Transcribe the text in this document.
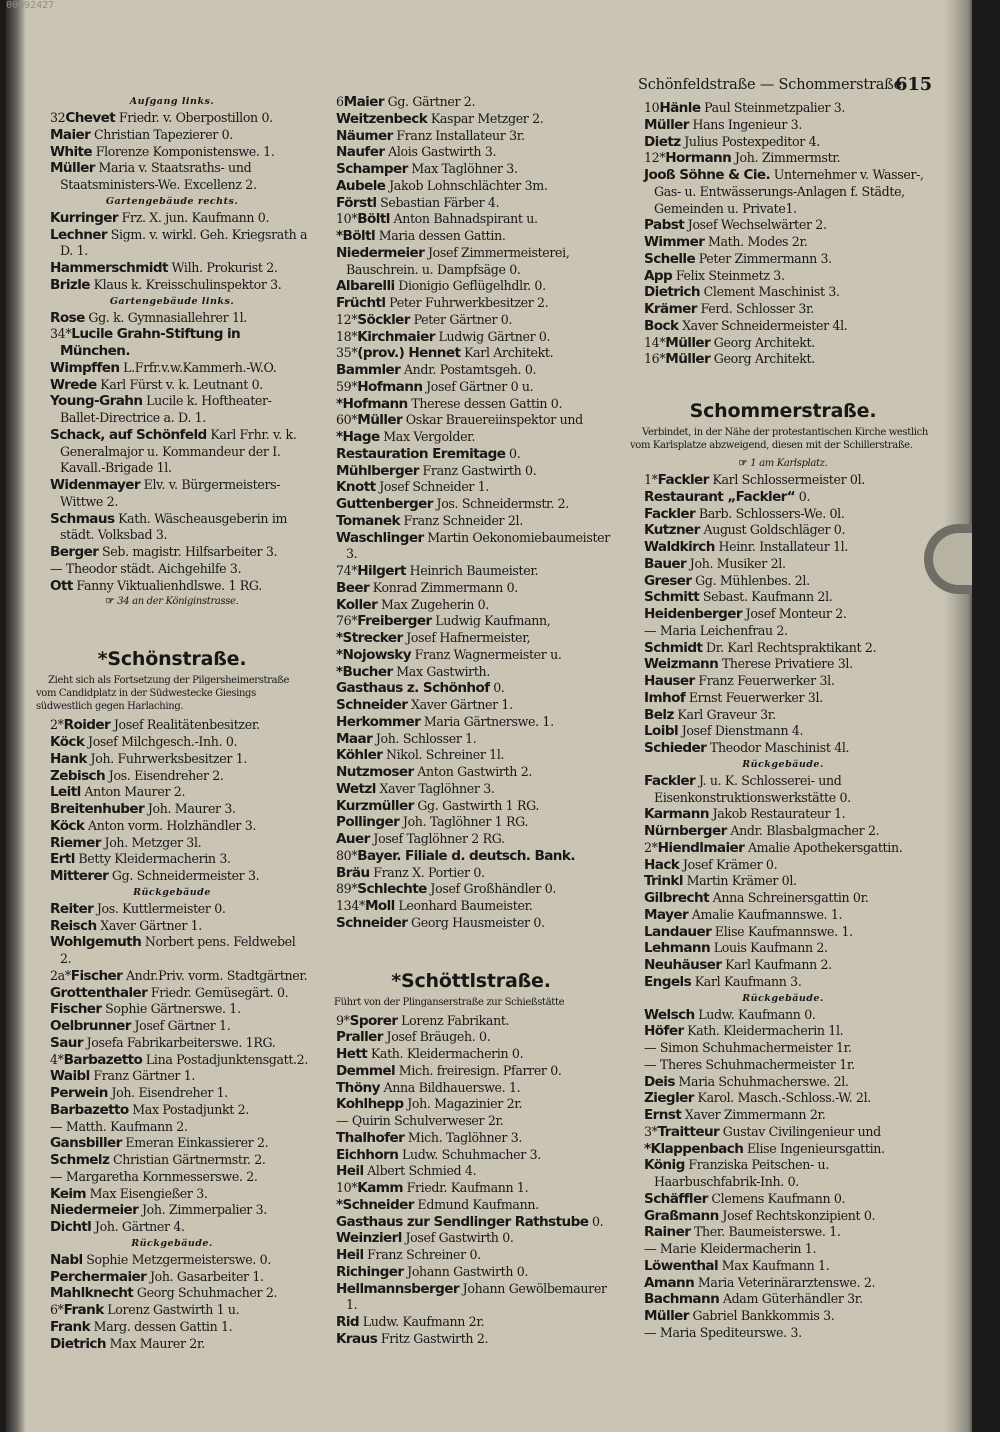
00092427
Schönfeldstraße — Schommerstraße.
615
Aufgang links.
32Chevet Friedr. v. Oberpostillon 0.
Maier Christian Tapezierer 0.
White Florenze Komponistenswe. 1.
Müller Maria v. Staatsraths- und Staatsministers-We. Excellenz 2.
Gartengebäude rechts.
Kurringer Frz. X. jun. Kaufmann 0.
Lechner Sigm. v. wirkl. Geh. Kriegsrath a D. 1.
Hammerschmidt Wilh. Prokurist 2.
Brizle Klaus k. Kreisschulinspektor 3.
Gartengebäude links.
Rose Gg. k. Gymnasiallehrer 1l.
34*Lucile Grahn-Stiftung in München.
Wimpffen L.Frfr.v.w.Kammerh.-W.O.
Wrede Karl Fürst v. k. Leutnant 0.
Young-Grahn Lucile k. Hoftheater-Ballet-Directrice a. D. 1.
Schack, auf Schönfeld Karl Frhr. v. k. Generalmajor u. Kommandeur der I. Kavall.-Brigade 1l.
Widenmayer Elv. v. Bürgermeisters-Wittwe 2.
Schmaus Kath. Wäscheausgeberin im städt. Volksbad 3.
Berger Seb. magistr. Hilfsarbeiter 3.
— Theodor städt. Aichgehilfe 3.
Ott Fanny Viktualienhdlswe. 1 RG.
☞ 34 an der Königinstrasse.
*Schönstraße.
Zieht sich als Fortsetzung der Pilgersheimerstraße vom Candidplatz in der Südwestecke Giesings südwestlich gegen Harlaching.
2*Roider Josef Realitätenbesitzer.
Köck Josef Milchgesch.-Inh. 0.
Hank Joh. Fuhrwerksbesitzer 1.
Zebisch Jos. Eisendreher 2.
Leitl Anton Maurer 2.
Breitenhuber Joh. Maurer 3.
Köck Anton vorm. Holzhändler 3.
Riemer Joh. Metzger 3l.
Ertl Betty Kleidermacherin 3.
Mitterer Gg. Schneidermeister 3.
Rückgebäude
Reiter Jos. Kuttlermeister 0.
Reisch Xaver Gärtner 1.
Wohlgemuth Norbert pens. Feldwebel 2.
2a*Fischer Andr.Priv. vorm. Stadtgärtner.
Grottenthaler Friedr. Gemüsegärt. 0.
Fischer Sophie Gärtnerswe. 1.
Oelbrunner Josef Gärtner 1.
Saur Josefa Fabrikarbeiterswe. 1RG.
4*Barbazetto Lina Postadjunktensgatt.2.
Waibl Franz Gärtner 1.
Perwein Joh. Eisendreher 1.
Barbazetto Max Postadjunkt 2.
— Matth. Kaufmann 2.
Gansbiller Emeran Einkassierer 2.
Schmelz Christian Gärtnermstr. 2.
— Margaretha Kornmesserswe. 2.
Keim Max Eisengießer 3.
Niedermeier Joh. Zimmerpalier 3.
Dichtl Joh. Gärtner 4.
Rückgebäude.
Nabl Sophie Metzgermeisterswe. 0.
Perchermaier Joh. Gasarbeiter 1.
Mahlknecht Georg Schuhmacher 2.
6*Frank Lorenz Gastwirth 1 u.
Frank Marg. dessen Gattin 1.
Dietrich Max Maurer 2r.
6Maier Gg. Gärtner 2.
Weitzenbeck Kaspar Metzger 2.
Näumer Franz Installateur 3r.
Naufer Alois Gastwirth 3.
Schamper Max Taglöhner 3.
Aubele Jakob Lohnschlächter 3m.
Förstl Sebastian Färber 4.
10*Böltl Anton Bahnadspirant u.
*Böltl Maria dessen Gattin.
Niedermeier Josef Zimmermeisterei, Bauschrein. u. Dampfsäge 0.
Albarelli Dionigio Geflügelhdlr. 0.
Früchtl Peter Fuhrwerkbesitzer 2.
12*Söckler Peter Gärtner 0.
18*Kirchmaier Ludwig Gärtner 0.
35*(prov.) Hennet Karl Architekt.
Bammler Andr. Postamtsgeh. 0.
59*Hofmann Josef Gärtner 0 u.
*Hofmann Therese dessen Gattin 0.
60*Müller Oskar Brauereiinspektor und
*Hage Max Vergolder.
Restauration Eremitage 0.
Mühlberger Franz Gastwirth 0.
Knott Josef Schneider 1.
Guttenberger Jos. Schneidermstr. 2.
Tomanek Franz Schneider 2l.
Waschlinger Martin Oekonomiebaumeister 3.
74*Hilgert Heinrich Baumeister.
Beer Konrad Zimmermann 0.
Koller Max Zugeherin 0.
76*Freiberger Ludwig Kaufmann,
*Strecker Josef Hafnermeister,
*Nojowsky Franz Wagnermeister u.
*Bucher Max Gastwirth.
Gasthaus z. Schönhof 0.
Schneider Xaver Gärtner 1.
Herkommer Maria Gärtnerswe. 1.
Maar Joh. Schlosser 1.
Köhler Nikol. Schreiner 1l.
Nutzmoser Anton Gastwirth 2.
Wetzl Xaver Taglöhner 3.
Kurzmüller Gg. Gastwirth 1 RG.
Pollinger Joh. Taglöhner 1 RG.
Auer Josef Taglöhner 2 RG.
80*Bayer. Filiale d. deutsch. Bank.
Bräu Franz X. Portier 0.
89*Schlechte Josef Großhändler 0.
134*Moll Leonhard Baumeister.
Schneider Georg Hausmeister 0.
*Schöttlstraße.
Führt von der Plinganserstraße zur Schießstätte
9*Sporer Lorenz Fabrikant.
Praller Josef Bräugeh. 0.
Hett Kath. Kleidermacherin 0.
Demmel Mich. freiresign. Pfarrer 0.
Thöny Anna Bildhauerswe. 1.
Kohlhepp Joh. Magazinier 2r.
— Quirin Schulverweser 2r.
Thalhofer Mich. Taglöhner 3.
Eichhorn Ludw. Schuhmacher 3.
Heil Albert Schmied 4.
10*Kamm Friedr. Kaufmann 1.
*Schneider Edmund Kaufmann.
Gasthaus zur Sendlinger Rathstube 0.
Weinzierl Josef Gastwirth 0.
Heil Franz Schreiner 0.
Richinger Johann Gastwirth 0.
Hellmannsberger Johann Gewölbemaurer 1.
Rid Ludw. Kaufmann 2r.
Kraus Fritz Gastwirth 2.
10Hänle Paul Steinmetzpalier 3.
Müller Hans Ingenieur 3.
Dietz Julius Postexpeditor 4.
12*Hormann Joh. Zimmermstr.
Jooß Söhne & Cie. Unternehmer v. Wasser-, Gas- u. Entwässerungs-Anlagen f. Städte, Gemeinden u. Private1.
Pabst Josef Wechselwärter 2.
Wimmer Math. Modes 2r.
Schelle Peter Zimmermann 3.
App Felix Steinmetz 3.
Dietrich Clement Maschinist 3.
Krämer Ferd. Schlosser 3r.
Bock Xaver Schneidermeister 4l.
14*Müller Georg Architekt.
16*Müller Georg Architekt.
Schommerstraße.
Verbindet, in der Nähe der protestantischen Kirche westlich vom Karlsplatze abzweigend, diesen mit der Schillerstraße.
☞ 1 am Karlsplatz.
1*Fackler Karl Schlossermeister 0l.
Restaurant „Fackler“ 0.
Fackler Barb. Schlossers-We. 0l.
Kutzner August Goldschläger 0.
Waldkirch Heinr. Installateur 1l.
Bauer Joh. Musiker 2l.
Greser Gg. Mühlenbes. 2l.
Schmitt Sebast. Kaufmann 2l.
Heidenberger Josef Monteur 2.
— Maria Leichenfrau 2.
Schmidt Dr. Karl Rechtspraktikant 2.
Weizmann Therese Privatiere 3l.
Hauser Franz Feuerwerker 3l.
Imhof Ernst Feuerwerker 3l.
Belz Karl Graveur 3r.
Loibl Josef Dienstmann 4.
Schieder Theodor Maschinist 4l.
Rückgebäude.
Fackler J. u. K. Schlosserei- und Eisenkonstruktionswerkstätte 0.
Karmann Jakob Restaurateur 1.
Nürnberger Andr. Blasbalgmacher 2.
2*Hiendlmaier Amalie Apothekersgattin.
Hack Josef Krämer 0.
Trinkl Martin Krämer 0l.
Gilbrecht Anna Schreinersgattin 0r.
Mayer Amalie Kaufmannswe. 1.
Landauer Elise Kaufmannswe. 1.
Lehmann Louis Kaufmann 2.
Neuhäuser Karl Kaufmann 2.
Engels Karl Kaufmann 3.
Rückgebäude.
Welsch Ludw. Kaufmann 0.
Höfer Kath. Kleidermacherin 1l.
— Simon Schuhmachermeister 1r.
— Theres Schuhmachermeister 1r.
Deis Maria Schuhmacherswe. 2l.
Ziegler Karol. Masch.-Schloss.-W. 2l.
Ernst Xaver Zimmermann 2r.
3*Traitteur Gustav Civilingenieur und
*Klappenbach Elise Ingenieursgattin.
König Franziska Peitschen- u. Haarbuschfabrik-Inh. 0.
Schäffler Clemens Kaufmann 0.
Graßmann Josef Rechtskonzipient 0.
Rainer Ther. Baumeisterswe. 1.
— Marie Kleidermacherin 1.
Löwenthal Max Kaufmann 1.
Amann Maria Veterinärarztenswe. 2.
Bachmann Adam Güterhändler 3r.
Müller Gabriel Bankkommis 3.
— Maria Spediteurswe. 3.
